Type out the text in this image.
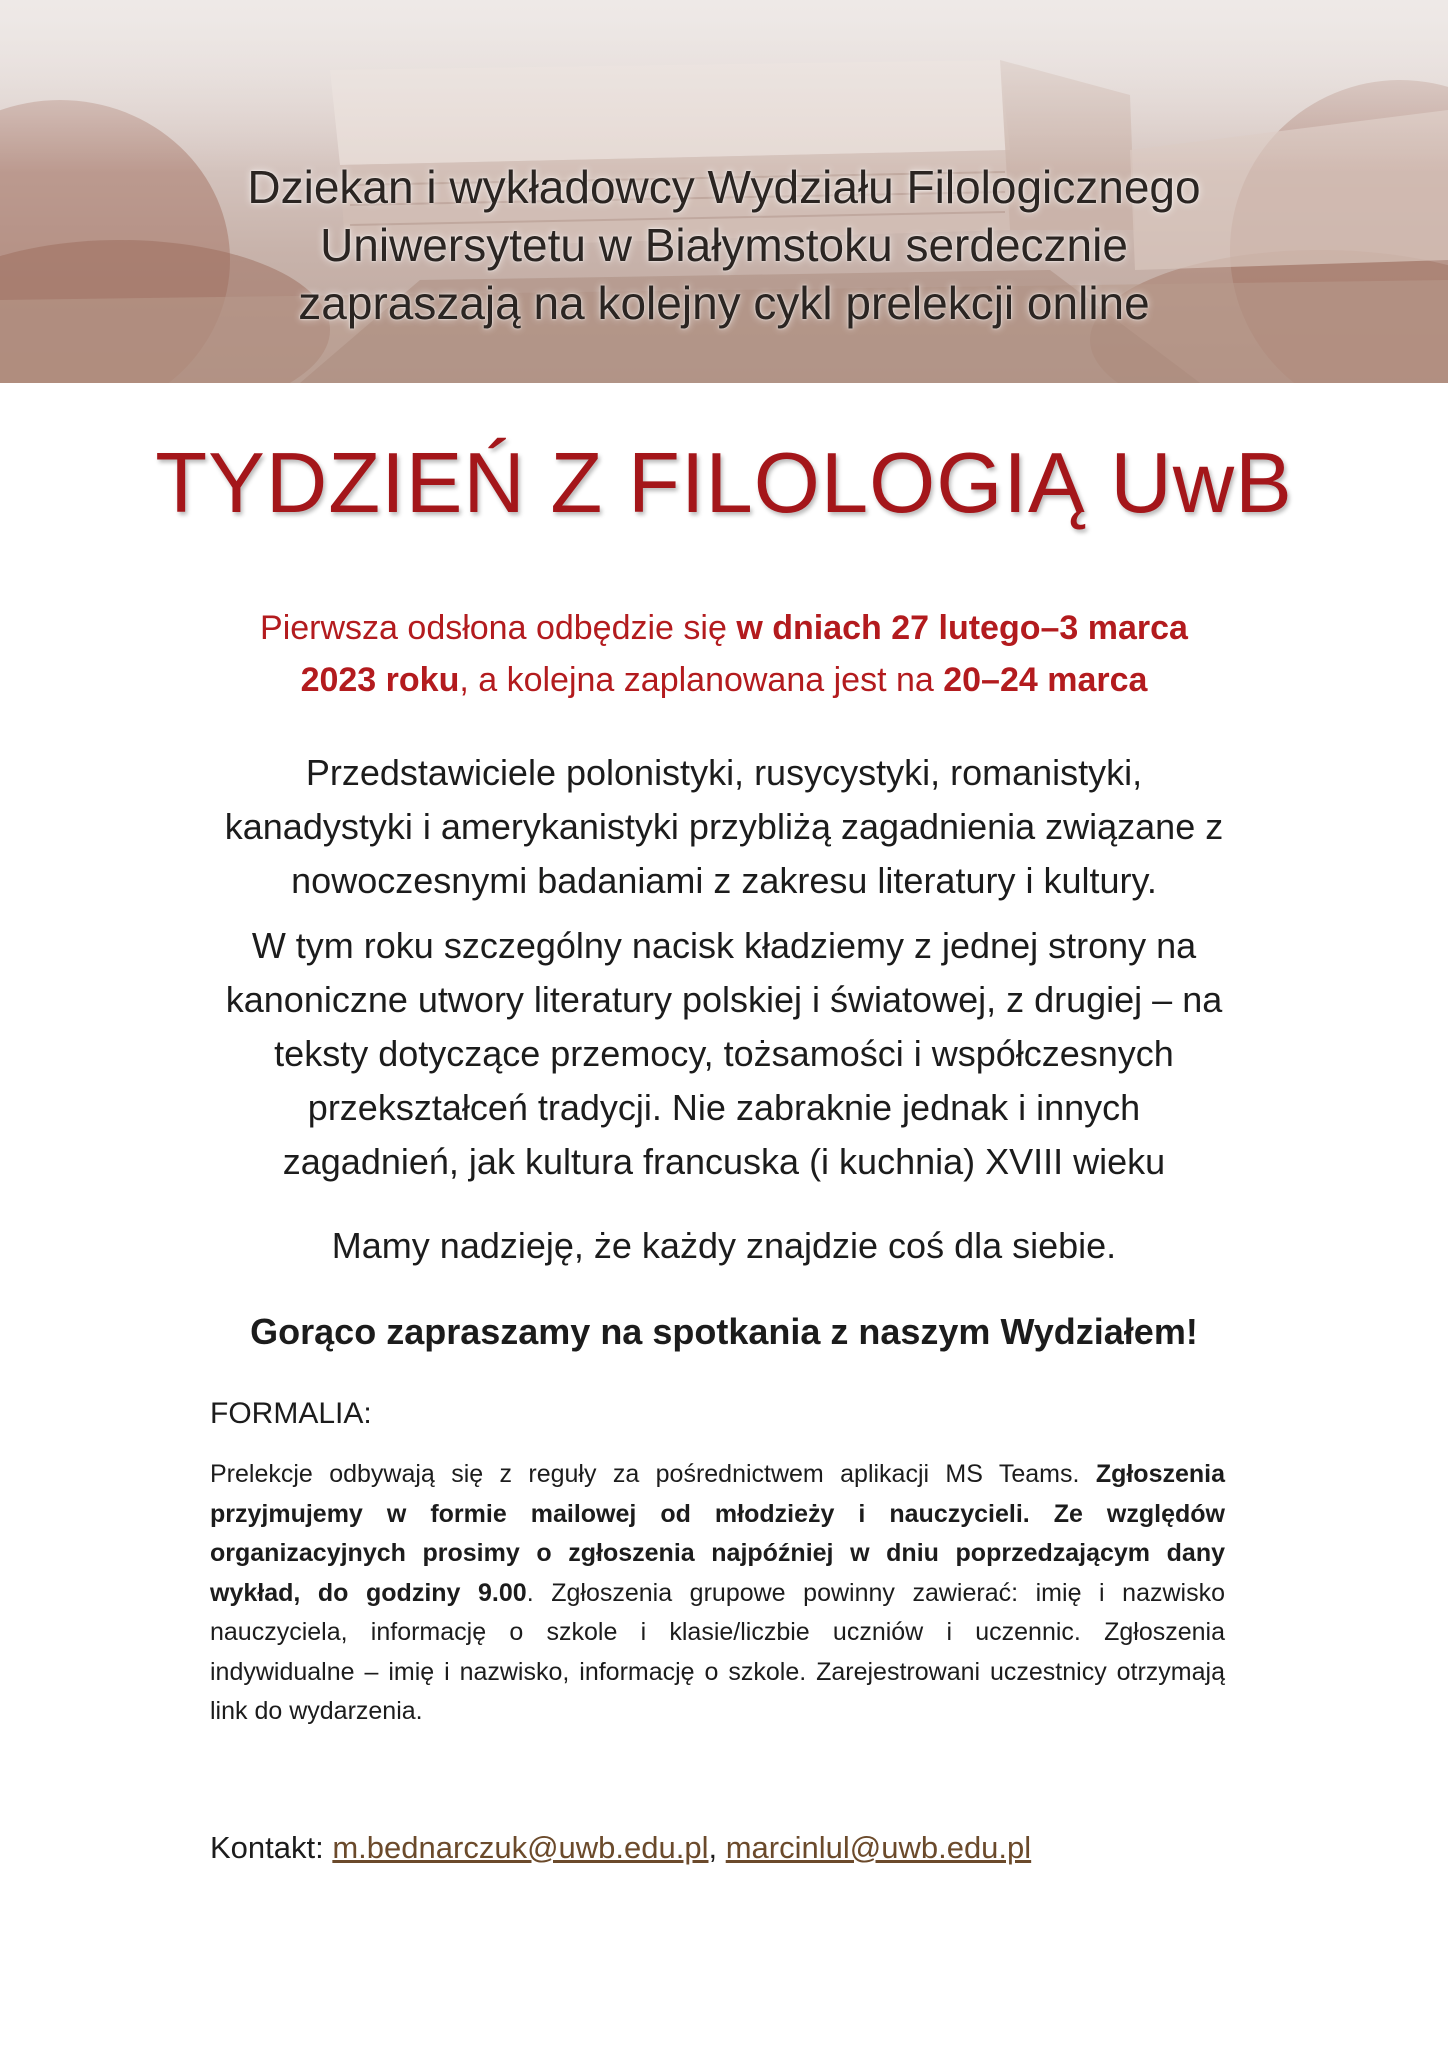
Dziekan i wykładowcy Wydziału Filologicznego
Uniwersytetu w Białymstoku serdecznie
zapraszają na kolejny cykl prelekcji online
TYDZIEŃ Z FILOLOGIĄ UwB
Pierwsza odsłona odbędzie się w dniach 27 lutego–3 marca
2023 roku, a kolejna zaplanowana jest na 20–24 marca
Przedstawiciele polonistyki, rusycystyki, romanistyki,
kanadystyki i amerykanistyki przybliżą zagadnienia związane z
nowoczesnymi badaniami z zakresu literatury i kultury.
W tym roku szczególny nacisk kładziemy z jednej strony na
kanoniczne utwory literatury polskiej i światowej, z drugiej – na
teksty dotyczące przemocy, tożsamości i współczesnych
przekształceń tradycji. Nie zabraknie jednak i innych
zagadnień, jak kultura francuska (i kuchnia) XVIII wieku
Mamy nadzieję, że każdy znajdzie coś dla siebie.
Gorąco zapraszamy na spotkania z naszym Wydziałem!
FORMALIA:
Prelekcje odbywają się z reguły za pośrednictwem aplikacji MS Teams. Zgłoszenia przyjmujemy w formie mailowej od młodzieży i nauczycieli. Ze względów organizacyjnych prosimy o zgłoszenia najpóźniej w dniu poprzedzającym dany wykład, do godziny 9.00. Zgłoszenia grupowe powinny zawierać: imię i nazwisko nauczyciela, informację o szkole i klasie/liczbie uczniów i uczennic. Zgłoszenia indywidualne – imię i nazwisko, informację o szkole. Zarejestrowani uczestnicy otrzymają link do wydarzenia.
Kontakt: m.bednarczuk@uwb.edu.pl, marcinlul@uwb.edu.pl
